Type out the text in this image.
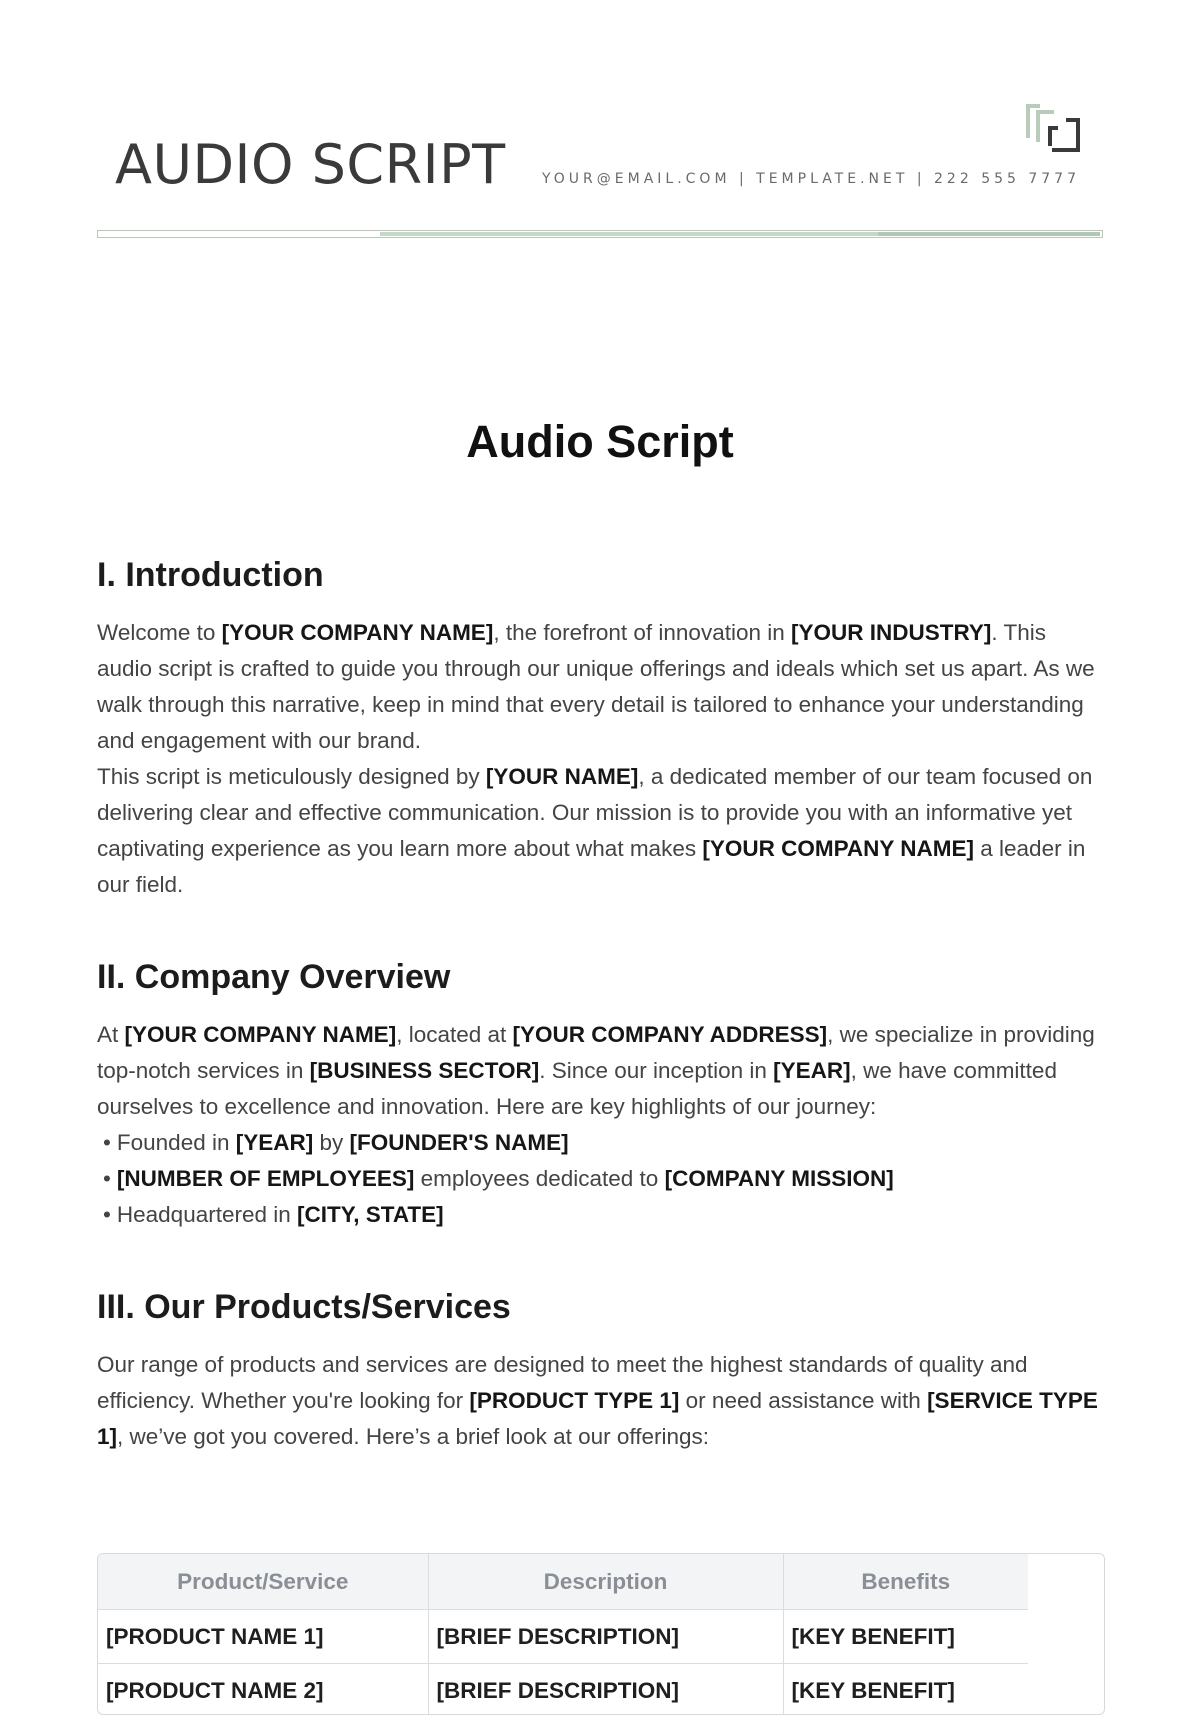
AUDIO SCRIPT	YOUR@EMAIL.COM | TEMPLATE.NET | 222 555 7777
Audio Script
I. Introduction

Welcome to [YOUR COMPANY NAME], the forefront of innovation in [YOUR INDUSTRY]. This audio script is crafted to guide you through our unique offerings and ideals which set us apart. As we walk through this narrative, keep in mind that every detail is tailored to enhance your understanding and engagement with our brand.

This script is meticulously designed by [YOUR NAME], a dedicated member of our team focused on delivering clear and effective communication. Our mission is to provide you with an informative yet captivating experience as you learn more about what makes [YOUR COMPANY NAME] a leader in our field.

II. Company Overview

At [YOUR COMPANY NAME], located at [YOUR COMPANY ADDRESS], we specialize in providing top-notch services in [BUSINESS SECTOR]. Since our inception in [YEAR], we have committed ourselves to excellence and innovation. Here are key highlights of our journey:

• Founded in [YEAR] by [FOUNDER'S NAME]
• [NUMBER OF EMPLOYEES] employees dedicated to [COMPANY MISSION]
• Headquartered in [CITY, STATE]
III. Our Products/Services

Our range of products and services are designed to meet the highest standards of quality and efficiency. Whether you're looking for [PRODUCT TYPE 1] or need assistance with [SERVICE TYPE 1], we’ve got you covered. Here’s a brief look at our offerings:

Product/Service	Description	Benefits
[PRODUCT NAME 1]	[BRIEF DESCRIPTION]	[KEY BENEFIT]
[PRODUCT NAME 2]	[BRIEF DESCRIPTION]	[KEY BENEFIT]
